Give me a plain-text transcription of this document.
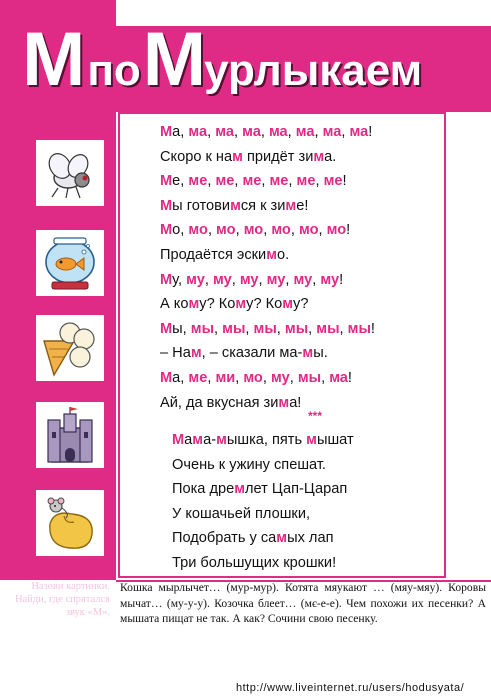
М по М урлыкаем
Ма, ма, ма, ма, ма, ма, ма, ма!
Скоро к нам придёт зима.
Ме, ме, ме, ме, ме, ме, ме!
Мы готовимся к зиме!
Мо, мо, мо, мо, мо, мо, мо!
Продаётся эскимо.
Му, му, му, му, му, му, му!
А кому? Кому? Кому?
Мы, мы, мы, мы, мы, мы, мы!
– Нам, – сказали ма-мы.
Ма, ме, ми, мо, му, мы, ма!
Ай, да вкусная зима!
***
Мама-мышка, пять мышат
Очень к ужину спешат.
Пока дремлет Цап-Царап
У кошачьей плошки,
Подобрать у самых лап
Три большущих крошки!
Назови картинки. Найди, где спрятался звук «М».
Кошка мырлычет… (мур-мур). Котята мяукают … (мяу-мяу). Коровы мычат… (му-у-у). Козочка блеет… (мє-е-е). Чем похожи их песенки? А мышата пищат не так. А как? Сочини свою песенку.
http://www.liveinternet.ru/users/hodusyata/
